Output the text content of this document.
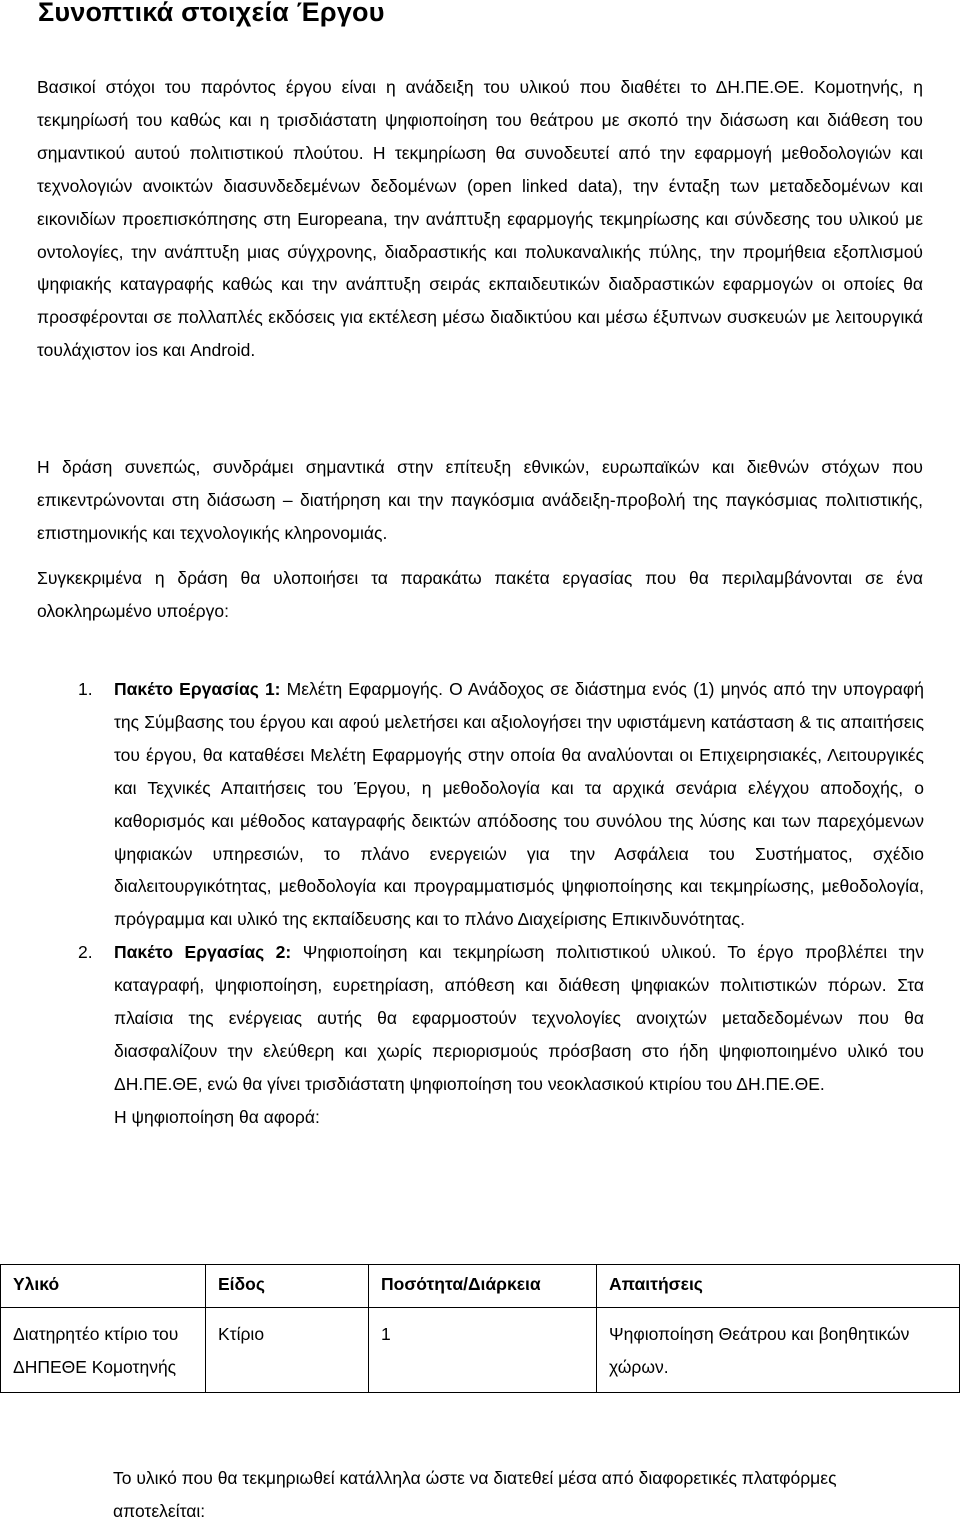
Συνοπτικά στοιχεία Έργου

Βασικοί στόχοι του παρόντος έργου είναι η ανάδειξη του υλικού που διαθέτει το ΔΗ.ΠΕ.ΘΕ. Κομοτηνής, η τεκμηρίωσή του καθώς και η τρισδιάστατη ψηφιοποίηση του θεάτρου με σκοπό την διάσωση και διάθεση του σημαντικού αυτού πολιτιστικού πλούτου. Η τεκμηρίωση θα συνοδευτεί από την εφαρμογή μεθοδολογιών και τεχνολογιών ανοικτών διασυνδεδεμένων δεδομένων (open linked data), την ένταξη των μεταδεδομένων και εικονιδίων προεπισκόπησης στη Europeana, την ανάπτυξη εφαρμογής τεκμηρίωσης και σύνδεσης του υλικού με οντολογίες, την ανάπτυξη μιας σύγχρονης, διαδραστικής και πολυκαναλικής πύλης, την προμήθεια εξοπλισμού ψηφιακής καταγραφής καθώς και την ανάπτυξη σειράς εκπαιδευτικών διαδραστικών εφαρμογών οι οποίες θα προσφέρονται σε πολλαπλές εκδόσεις για εκτέλεση μέσω διαδικτύου και μέσω έξυπνων συσκευών με λειτουργικά τουλάχιστον ios και Android.

Η δράση συνεπώς, συνδράμει σημαντικά στην επίτευξη εθνικών, ευρωπαϊκών και διεθνών στόχων που επικεντρώνονται στη διάσωση – διατήρηση και την παγκόσμια ανάδειξη-προβολή της παγκόσμιας πολιτιστικής, επιστημονικής και τεχνολογικής κληρονομιάς.

Συγκεκριμένα η δράση θα υλοποιήσει τα παρακάτω πακέτα εργασίας που θα περιλαμβάνονται σε ένα ολοκληρωμένο υποέργο:

1. Πακέτο Εργασίας 1: Μελέτη Εφαρμογής. Ο Ανάδοχος σε διάστημα ενός (1) μηνός από την υπογραφή της Σύμβασης του έργου και αφού μελετήσει και αξιολογήσει την υφιστάμενη κατάσταση & τις απαιτήσεις του έργου, θα καταθέσει Μελέτη Εφαρμογής στην οποία θα αναλύονται οι Επιχειρησιακές, Λειτουργικές και Τεχνικές Απαιτήσεις του Έργου, η μεθοδολογία και τα αρχικά σενάρια ελέγχου αποδοχής, ο καθορισμός και μέθοδος καταγραφής δεικτών απόδοσης του συνόλου της λύσης και των παρεχόμενων ψηφιακών υπηρεσιών, το πλάνο ενεργειών για την Ασφάλεια του Συστήματος, σχέδιο διαλειτουργικότητας, μεθοδολογία και προγραμματισμός ψηφιοποίησης και τεκμηρίωσης, μεθοδολογία, πρόγραμμα και υλικό της εκπαίδευσης και το πλάνο Διαχείρισης Επικινδυνότητας.
2. Πακέτο Εργασίας 2: Ψηφιοποίηση και τεκμηρίωση πολιτιστικού υλικού. Το έργο προβλέπει την καταγραφή, ψηφιοποίηση, ευρετηρίαση, απόθεση και διάθεση ψηφιακών πολιτιστικών πόρων. Στα πλαίσια της ενέργειας αυτής θα εφαρμοστούν τεχνολογίες ανοιχτών μεταδεδομένων που θα διασφαλίζουν την ελεύθερη και χωρίς περιορισμούς πρόσβαση στο ήδη ψηφιοποιημένο υλικό του ΔΗ.ΠΕ.ΘΕ, ενώ θα γίνει τρισδιάστατη ψηφιοποίηση του νεοκλασικού κτιρίου του ΔΗ.ΠΕ.ΘΕ.
Η ψηφιοποίηση θα αφορά:
Υλικό	Είδος	Ποσότητα/Διάρκεια	Απαιτήσεις
Διατηρητέο κτίριο του ΔΗΠΕΘΕ Κομοτηνής	Κτίριο	1	Ψηφιοποίηση Θεάτρου και βοηθητικών χώρων.

Το υλικό που θα τεκμηριωθεί κατάλληλα ώστε να διατεθεί μέσα από διαφορετικές πλατφόρμες αποτελείται:
